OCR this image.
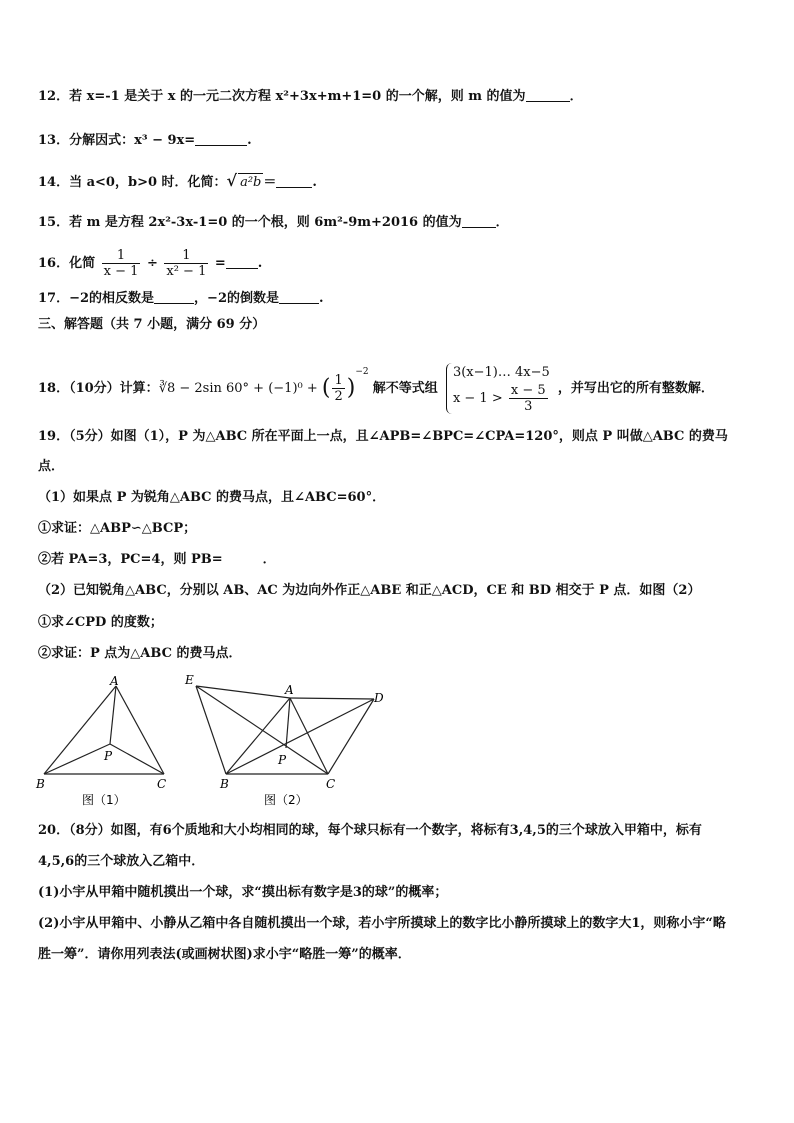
12．若 x=-1 是关于 x 的一元二次方程 x²+3x+m+1=0 的一个解，则 m 的值为	．
13．分解因式：x³ − 9x=	.
14．当 a<0，b>0 时．化简：√ a²b ＝	.
15．若 m 是方程 2x²-3x-1=0 的一个根，则 6m²-9m+2016 的值为	．
16．化简 $\frac{1}{x - 1} \div \frac{1}{\text{x² − 1}}$ = .
17．−2的相反数是	，−2的倒数是	.
三、解答题（共 7 小题，满分 69 分）
18．（10分）计算：∛8 − 2sin 60° + (−1)⁰ + ( $\frac{1}{2} )^{-2}$ 解不等式组
3(x−1)… 4x−5
$x - 1 > \frac{x - 5}{3}$ ，并写出它的所有整数解．
19．（5分）如图（1），P 为△ABC 所在平面上一点，且∠APB=∠BPC=∠CPA=120°，则点 P 叫做△ABC 的费马
点．
（1）如果点 P 为锐角△ABC 的费马点，且∠ABC=60°．
①求证：△ABP∽△BCP；
②若 PA=3，PC=4，则 PB=	．
（2）已知锐角△ABC，分别以 AB、AC 为边向外作正△ABE 和正△ACD，CE 和 BD 相交于 P 点．如图（2）
①求∠CPD 的度数；
②求证：P 点为△ABC 的费马点．
A
B	C
P
图（1）
E
A
D
B	C
P
图（2）
20．（8分）如图，有6个质地和大小均相同的球，每个球只标有一个数字，将标有3,4,5的三个球放入甲箱中，标有
4,5,6的三个球放入乙箱中．
(1)小宇从甲箱中随机摸出一个球，求“摸出标有数字是3的球”的概率；
(2)小宇从甲箱中、小静从乙箱中各自随机摸出一个球，若小宇所摸球上的数字比小静所摸球上的数字大1，则称小宇“略
胜一筹”．请你用列表法(或画树状图)求小宇“略胜一筹”的概率．
